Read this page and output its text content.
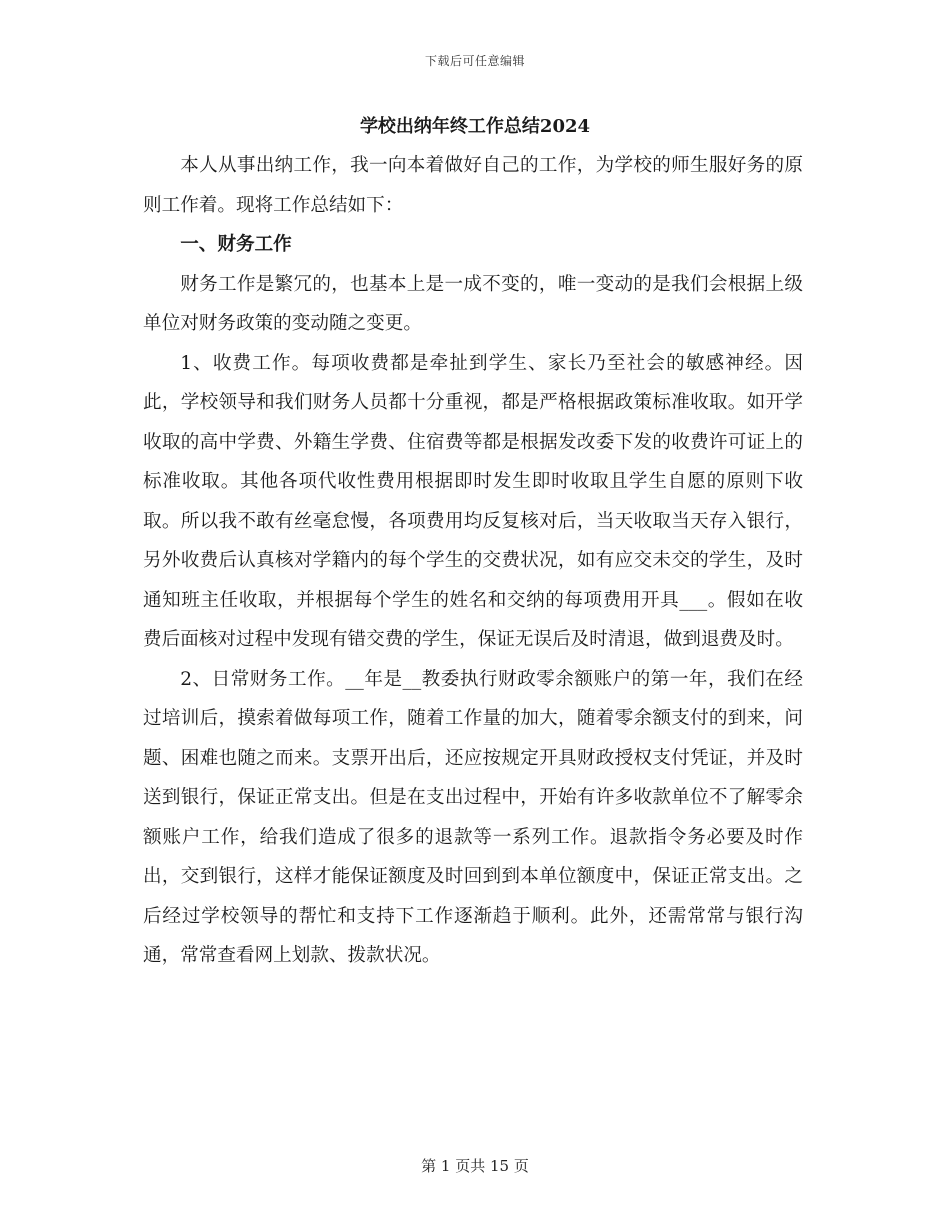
下载后可任意编辑
学校出纳年终工作总结2024

本人从事出纳工作，我一向本着做好自己的工作，为学校的师生服好务的原则工作着。现将工作总结如下：

一、财务工作

财务工作是繁冗的，也基本上是一成不变的，唯一变动的是我们会根据上级单位对财务政策的变动随之变更。

1、收费工作。每项收费都是牵扯到学生、家长乃至社会的敏感神经。因此，学校领导和我们财务人员都十分重视，都是严格根据政策标准收取。如开学收取的高中学费、外籍生学费、住宿费等都是根据发改委下发的收费许可证上的标准收取。其他各项代收性费用根据即时发生即时收取且学生自愿的原则下收取。所以我不敢有丝毫怠慢，各项费用均反复核对后，当天收取当天存入银行，另外收费后认真核对学籍内的每个学生的交费状况，如有应交未交的学生，及时通知班主任收取，并根据每个学生的姓名和交纳的每项费用开具___。假如在收费后面核对过程中发现有错交费的学生，保证无误后及时清退，做到退费及时。

2、日常财务工作。__年是__教委执行财政零余额账户的第一年，我们在经过培训后，摸索着做每项工作，随着工作量的加大，随着零余额支付的到来，问题、困难也随之而来。支票开出后，还应按规定开具财政授权支付凭证，并及时送到银行，保证正常支出。但是在支出过程中，开始有许多收款单位不了解零余额账户工作，给我们造成了很多的退款等一系列工作。退款指令务必要及时作出，交到银行，这样才能保证额度及时回到到本单位额度中，保证正常支出。之后经过学校领导的帮忙和支持下工作逐渐趋于顺利。此外，还需常常与银行沟通，常常查看网上划款、拨款状况。

第 1 页共 15 页
